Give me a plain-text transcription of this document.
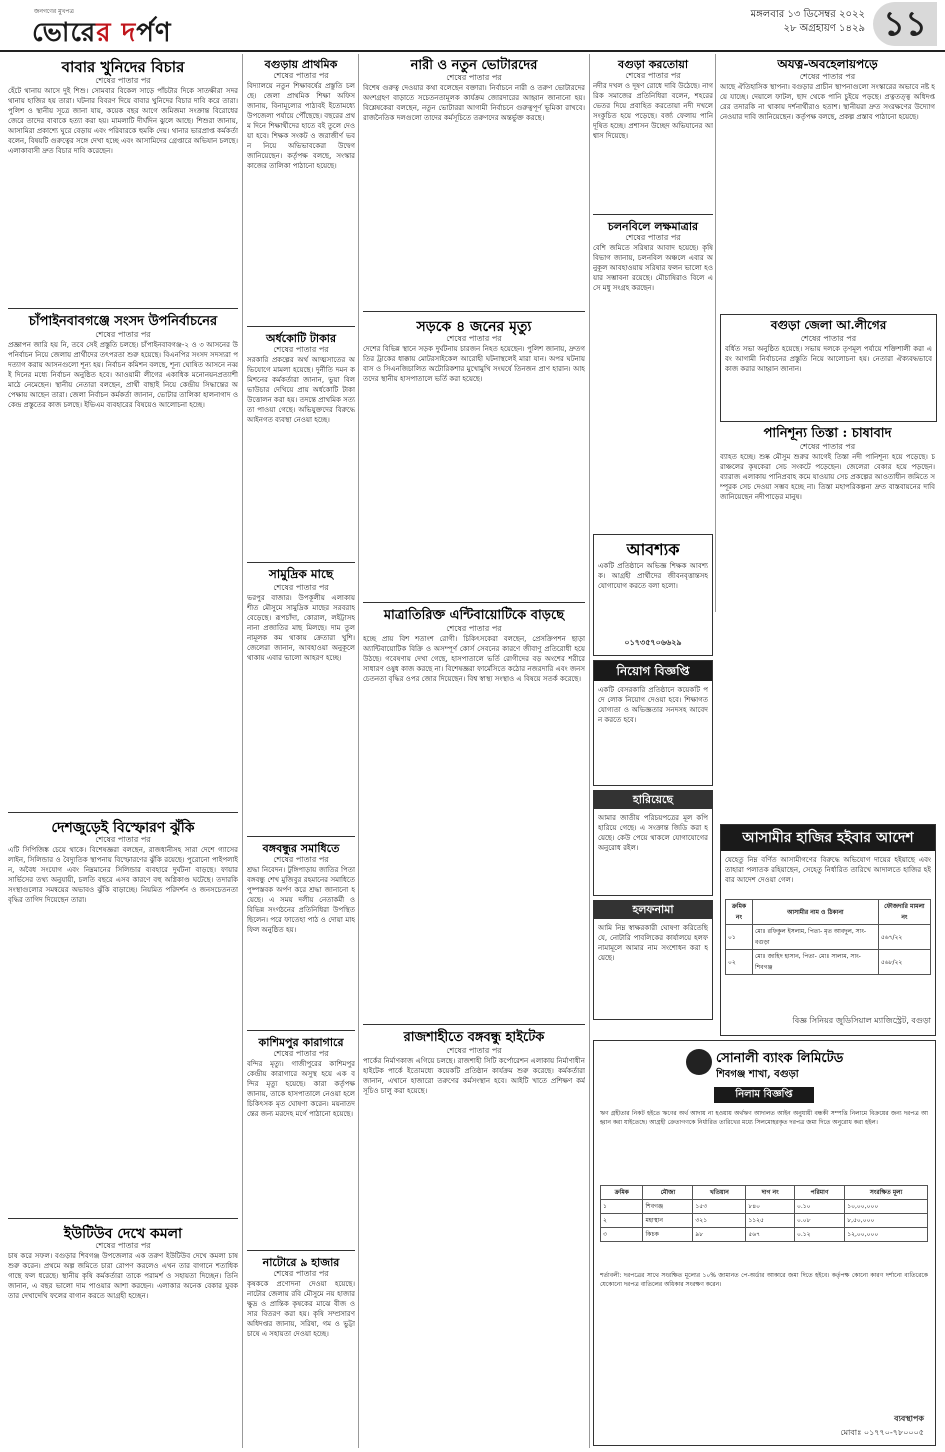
জনগণের মুখপত্র
ভোরের দর্পণ
মঙ্গলবার ১৩ ডিসেম্বর ২০২২
২৮ অগ্রহায়ণ ১৪২৯ ১১
বাবার খুনিদের বিচার
শেষের পাতার পর
হেঁটে থানায় আসে দুই শিশু। সোমবার বিকেল সাড়ে পাঁচটার দিকে সাতক্ষীরা সদর থানায় হাজির হয় তারা। ঘটনার বিবরণ দিয়ে বাবার খুনিদের বিচার দাবি করে তারা। পুলিশ ও স্থানীয় সূত্রে জানা যায়, কয়েক বছর আগে জমিজমা সংক্রান্ত বিরোধের জেরে তাদের বাবাকে হত্যা করা হয়। মামলাটি দীর্ঘদিন ঝুলে আছে। শিশুরা জানায়, আসামিরা প্রকাশ্যে ঘুরে বেড়ায় এবং পরিবারকে হুমকি দেয়। থানার ভারপ্রাপ্ত কর্মকর্তা বলেন, বিষয়টি গুরুত্বের সঙ্গে দেখা হচ্ছে এবং আসামিদের গ্রেপ্তারে অভিযান চলছে। এলাকাবাসী দ্রুত বিচার দাবি করেছেন।
চাঁপাইনবাবগঞ্জে সংসদ উপনির্বাচনের
শেষের পাতার পর
প্রজ্ঞাপন জারি হয় নি, তবে সেই প্রস্তুতি চলছে। চাঁপাইনবাবগঞ্জ-২ ও ৩ আসনের উপনির্বাচন নিয়ে জেলায় প্রার্থীদের তৎপরতা শুরু হয়েছে। বিএনপির সংসদ সদস্যরা পদত্যাগ করায় আসনগুলো শূন্য হয়। নির্বাচন কমিশন বলছে, শূন্য ঘোষিত আসনে নব্বই দিনের মধ্যে নির্বাচন অনুষ্ঠিত হবে। আওয়ামী লীগের একাধিক মনোনয়নপ্রত্যাশী মাঠে নেমেছেন। স্থানীয় নেতারা বলছেন, প্রার্থী বাছাই নিয়ে কেন্দ্রীয় সিদ্ধান্তের অপেক্ষায় আছেন তারা। জেলা নির্বাচন কর্মকর্তা জানান, ভোটার তালিকা হালনাগাদ ও কেন্দ্র প্রস্তুতের কাজ চলছে। ইভিএম ব্যবহারের বিষয়েও আলোচনা হচ্ছে।
দেশজুড়েই বিস্ফোরণ ঝুঁকি
শেষের পাতার পর
এটি সিপিজিঙ্ক চেয়ে থাকে। বিশেষজ্ঞরা বলছেন, রাজধানীসহ সারা দেশে গ্যাসের লাইন, সিলিন্ডার ও বৈদ্যুতিক স্থাপনায় বিস্ফোরণের ঝুঁকি রয়েছে। পুরোনো পাইপলাইন, অবৈধ সংযোগ এবং নিম্নমানের সিলিন্ডার ব্যবহারে দুর্ঘটনা বাড়ছে। ফায়ার সার্ভিসের তথ্য অনুযায়ী, চলতি বছরে এসব কারণে বহু অগ্নিকাণ্ড ঘটেছে। তদারকি সংস্থাগুলোর সমন্বয়ের অভাবও ঝুঁকি বাড়াচ্ছে। নিয়মিত পরিদর্শন ও জনসচেতনতা বৃদ্ধির তাগিদ দিয়েছেন তারা।
ইউটিউব দেখে কমলা
শেষের পাতার পর
চাষ করে সফল। বগুড়ার শিবগঞ্জ উপজেলার এক তরুণ ইউটিউব দেখে কমলা চাষ শুরু করেন। প্রথমে অল্প জমিতে চারা রোপণ করলেও এখন তার বাগানে শতাধিক গাছে ফল ধরেছে। স্থানীয় কৃষি কর্মকর্তারা তাকে পরামর্শ ও সহায়তা দিচ্ছেন। তিনি জানান, এ বছর ভালো দাম পাওয়ার আশা করছেন। এলাকার অনেক বেকার যুবক তার দেখাদেখি ফলের বাগান করতে আগ্রহী হচ্ছেন।
বগুড়ায় প্রাথমিক
শেষের পাতার পর
বিদ্যালয়ে নতুন শিক্ষাবর্ষের প্রস্তুতি চলছে। জেলা প্রাথমিক শিক্ষা অফিস জানায়, বিনামূল্যের পাঠ্যবই ইতোমধ্যে উপজেলা পর্যায়ে পৌঁছেছে। বছরের প্রথম দিনে শিক্ষার্থীদের হাতে বই তুলে দেওয়া হবে। শিক্ষক সংকট ও জরাজীর্ণ ভবন নিয়ে অভিভাবকেরা উদ্বেগ জানিয়েছেন। কর্তৃপক্ষ বলছে, সংস্কার কাজের তালিকা পাঠানো হয়েছে।
অর্ধকোটি টাকার
শেষের পাতার পর
সরকারি প্রকল্পের অর্থ আত্মসাতের অভিযোগে মামলা হয়েছে। দুর্নীতি দমন কমিশনের কর্মকর্তারা জানান, ভুয়া বিল ভাউচার দেখিয়ে প্রায় অর্ধকোটি টাকা উত্তোলন করা হয়। তদন্তে প্রাথমিক সত্যতা পাওয়া গেছে। অভিযুক্তদের বিরুদ্ধে আইনগত ব্যবস্থা নেওয়া হচ্ছে।
সামুদ্রিক মাছে
শেষের পাতার পর
ভরপুর বাজার। উপকূলীয় এলাকায় শীত মৌসুমে সামুদ্রিক মাছের সরবরাহ বেড়েছে। রূপচাঁদা, কোরাল, লইট্টাসহ নানা প্রজাতির মাছ মিলছে। দাম তুলনামূলক কম থাকায় ক্রেতারা খুশি। জেলেরা জানান, আবহাওয়া অনুকূলে থাকায় এবার ভালো আহরণ হচ্ছে।
বঙ্গবন্ধুর সমাধিতে
শেষের পাতার পর
শ্রদ্ধা নিবেদন। টুঙ্গিপাড়ায় জাতির পিতা বঙ্গবন্ধু শেখ মুজিবুর রহমানের সমাধিতে পুষ্পস্তবক অর্পণ করে শ্রদ্ধা জানানো হয়েছে। এ সময় দলীয় নেতাকর্মী ও বিভিন্ন সংগঠনের প্রতিনিধিরা উপস্থিত ছিলেন। পরে ফাতেহা পাঠ ও দোয়া মাহফিল অনুষ্ঠিত হয়।
কাশিমপুর কারাগারে
শেষের পাতার পর
বন্দির মৃত্যু। গাজীপুরের কাশিমপুর কেন্দ্রীয় কারাগারে অসুস্থ হয়ে এক বন্দির মৃত্যু হয়েছে। কারা কর্তৃপক্ষ জানায়, তাকে হাসপাতালে নেওয়া হলে চিকিৎসক মৃত ঘোষণা করেন। ময়নাতদন্তের জন্য মরদেহ মর্গে পাঠানো হয়েছে।
নাটোরে ৯ হাজার
শেষের পাতার পর
কৃষককে প্রণোদনা দেওয়া হয়েছে। নাটোর জেলায় রবি মৌসুমে নয় হাজার ক্ষুদ্র ও প্রান্তিক কৃষকের মাঝে বীজ ও সার বিতরণ করা হয়। কৃষি সম্প্রসারণ অধিদপ্তর জানায়, সরিষা, গম ও ভুট্টা চাষে এ সহায়তা দেওয়া হচ্ছে।
নারী ও নতুন ভোটারদের
শেষের পাতার পর
বিশেষ গুরুত্ব দেওয়ার কথা বলেছেন বক্তারা। নির্বাচনে নারী ও তরুণ ভোটারদের অংশগ্রহণ বাড়াতে সচেতনতামূলক কার্যক্রম জোরদারের আহ্বান জানানো হয়। বিশ্লেষকেরা বলছেন, নতুন ভোটাররা আগামী নির্বাচনে গুরুত্বপূর্ণ ভূমিকা রাখবে। রাজনৈতিক দলগুলো তাদের কর্মসূচিতে তরুণদের অন্তর্ভুক্ত করছে।
সড়কে ৪ জনের মৃত্যু
শেষের পাতার পর
দেশের বিভিন্ন স্থানে সড়ক দুর্ঘটনায় চারজন নিহত হয়েছেন। পুলিশ জানায়, দ্রুতগতির ট্রাকের ধাক্কায় মোটরসাইকেল আরোহী ঘটনাস্থলেই মারা যান। অপর ঘটনায় বাস ও সিএনজিচালিত অটোরিকশার মুখোমুখি সংঘর্ষে তিনজন প্রাণ হারান। আহতদের স্থানীয় হাসপাতালে ভর্তি করা হয়েছে।
মাত্রাতিরিক্ত এন্টিবায়োটিকে বাড়ছে
শেষের পাতার পর
হচ্ছে প্রায় বিশ শতাংশ রোগী। চিকিৎসকেরা বলছেন, প্রেসক্রিপশন ছাড়া অ্যান্টিবায়োটিক বিক্রি ও অসম্পূর্ণ কোর্স সেবনের কারণে জীবাণু প্রতিরোধী হয়ে উঠছে। গবেষণায় দেখা গেছে, হাসপাতালে ভর্তি রোগীদের বড় অংশের শরীরে সাধারণ ওষুধ কাজ করছে না। বিশেষজ্ঞরা ফার্মেসিতে কঠোর নজরদারি এবং জনসচেতনতা বৃদ্ধির ওপর জোর দিয়েছেন। বিশ্ব স্বাস্থ্য সংস্থাও এ বিষয়ে সতর্ক করেছে।
রাজশাহীতে বঙ্গবন্ধু হাইটেক
শেষের পাতার পর
পার্কের নির্মাণকাজ এগিয়ে চলছে। রাজশাহী সিটি কর্পোরেশন এলাকায় নির্মাণাধীন হাইটেক পার্কে ইতোমধ্যে কয়েকটি প্রতিষ্ঠান কার্যক্রম শুরু করেছে। কর্মকর্তারা জানান, এখানে হাজারো তরুণের কর্মসংস্থান হবে। আইটি খাতে প্রশিক্ষণ কর্মসূচিও চালু করা হয়েছে।
বগুড়া করতোয়া
শেষের পাতার পর
নদীর দখল ও দূষণ রোধে দাবি উঠেছে। নাগরিক সমাজের প্রতিনিধিরা বলেন, শহরের ভেতর দিয়ে প্রবাহিত করতোয়া নদী দখলে সংকুচিত হয়ে পড়েছে। বর্জ্য ফেলায় পানি দূষিত হচ্ছে। প্রশাসন উচ্ছেদ অভিযানের আশ্বাস দিয়েছে।
চলনবিলে লক্ষমাত্রার
শেষের পাতার পর
বেশি জমিতে সরিষার আবাদ হয়েছে। কৃষি বিভাগ জানায়, চলনবিল অঞ্চলে এবার অনুকূল আবহাওয়ায় সরিষার ফলন ভালো হওয়ার সম্ভাবনা রয়েছে। মৌচাষিরাও বিলে এসে মধু সংগ্রহ করছেন।
আবশ্যক
একটি প্রতিষ্ঠানে অভিজ্ঞ শিক্ষক আবশ্যক। আগ্রহী প্রার্থীদের জীবনবৃত্তান্তসহ যোগাযোগ করতে বলা হলো।
০১৭৩৫৭০৬৬২৯
নিয়োগ বিজ্ঞপ্তি
একটি বেসরকারি প্রতিষ্ঠানে কয়েকটি পদে লোক নিয়োগ দেওয়া হবে। শিক্ষাগত যোগ্যতা ও অভিজ্ঞতার সনদসহ আবেদন করতে হবে।
হারিয়েছে
আমার জাতীয় পরিচয়পত্রের মূল কপি হারিয়ে গেছে। এ সংক্রান্ত জিডি করা হয়েছে। কেউ পেয়ে থাকলে যোগাযোগের অনুরোধ রইল।
হলফনামা
আমি নিম্ন স্বাক্ষরকারী ঘোষণা করিতেছি যে, নোটারি পাবলিকের কার্যালয়ে হলফনামামূলে আমার নাম সংশোধন করা হয়েছে।
অযত্ন-অবহেলায়পড়ে
শেষের পাতার পর
আছে ঐতিহাসিক স্থাপনা। বগুড়ার প্রাচীন স্থাপনাগুলো সংস্কারের অভাবে নষ্ট হয়ে যাচ্ছে। দেয়ালে ফাটল, ছাদ থেকে পানি চুইয়ে পড়ছে। প্রত্নতত্ত্ব অধিদপ্তরের তদারকি না থাকায় দর্শনার্থীরাও হতাশ। স্থানীয়রা দ্রুত সংরক্ষণের উদ্যোগ নেওয়ার দাবি জানিয়েছেন। কর্তৃপক্ষ বলছে, প্রকল্প প্রস্তাব পাঠানো হয়েছে।
বগুড়া জেলা আ.লীগের
শেষের পাতার পর
বর্ধিত সভা অনুষ্ঠিত হয়েছে। সভায় দলকে তৃণমূল পর্যায়ে শক্তিশালী করা এবং আগামী নির্বাচনের প্রস্তুতি নিয়ে আলোচনা হয়। নেতারা ঐক্যবদ্ধভাবে কাজ করার আহ্বান জানান।
পানিশূন্য তিস্তা : চাষাবাদ
শেষের পাতার পর
ব্যাহত হচ্ছে। শুষ্ক মৌসুম শুরুর আগেই তিস্তা নদী পানিশূন্য হয়ে পড়েছে। চরাঞ্চলের কৃষকেরা সেচ সংকটে পড়েছেন। জেলেরা বেকার হয়ে পড়ছেন। ব্যারাজ এলাকায় পানিপ্রবাহ কমে যাওয়ায় সেচ প্রকল্পের আওতাধীন জমিতে সম্পূরক সেচ দেওয়া সম্ভব হচ্ছে না। তিস্তা মহাপরিকল্পনা দ্রুত বাস্তবায়নের দাবি জানিয়েছেন নদীপাড়ের মানুষ।
আসামীর হাজির হইবার আদেশ
যেহেতু নিম্ন বর্ণিত আসামীগণের বিরুদ্ধে অভিযোগ দায়ের হইয়াছে এবং তাহারা পলাতক রহিয়াছেন, সেহেতু নির্ধারিত তারিখে আদালতে হাজির হইবার আদেশ দেওয়া গেল।
ক্রমিক নং	আসামীর নাম ও ঠিকানা	ফৌজদারি মামলা নং
০১	মোঃ রফিকুল ইসলাম, পিতা- মৃত আবদুল, সাং- বগুড়া	৫৬৭/২২
০২	মোঃ জাহিদ হাসান, পিতা- মোঃ সালাম, সাং- শিবগঞ্জ	৫৬৮/২২
বিজ্ঞ সিনিয়র জুডিসিয়াল ম্যাজিস্ট্রেট, বগুড়া
সোনালী ব্যাংক লিমিটেড
শিবগঞ্জ শাখা, বগুড়া
নিলাম বিজ্ঞপ্তি
ঋণ গ্রহীতার নিকট হইতে ঋণের অর্থ আদায় না হওয়ায় অর্থঋণ আদালত আইন অনুযায়ী বন্ধকী সম্পত্তি নিলামে বিক্রয়ের জন্য দরপত্র আহ্বান করা যাইতেছে। আগ্রহী ক্রেতাগণকে নির্ধারিত তারিখের মধ্যে সিলমোহরকৃত দরপত্র জমা দিতে অনুরোধ করা হইল।
ক্রমিক	মৌজা	খতিয়ান	দাগ নং	পরিমাণ	সংরক্ষিত মূল্য
১	শিবগঞ্জ	১৫৩	৮৪০	০.১০	১০,০০,০০০
২	মহাস্থান	৩২১	১১২৫	০.০৮	৮,৫০,০০০
৩	কিচক	৯৮	৫৬৭	০.১২	১২,০০,০০০
শর্তাবলী: দরপত্রের সাথে সংরক্ষিত মূল্যের ১০% জামানত পে-অর্ডার আকারে জমা দিতে হইবে। কর্তৃপক্ষ কোনো কারণ দর্শানো ব্যতিরেকে যেকোনো দরপত্র বাতিলের অধিকার সংরক্ষণ করেন।
ব্যবস্থাপক
মোবাঃ ০১৭৭০-৭৮০০০৫
